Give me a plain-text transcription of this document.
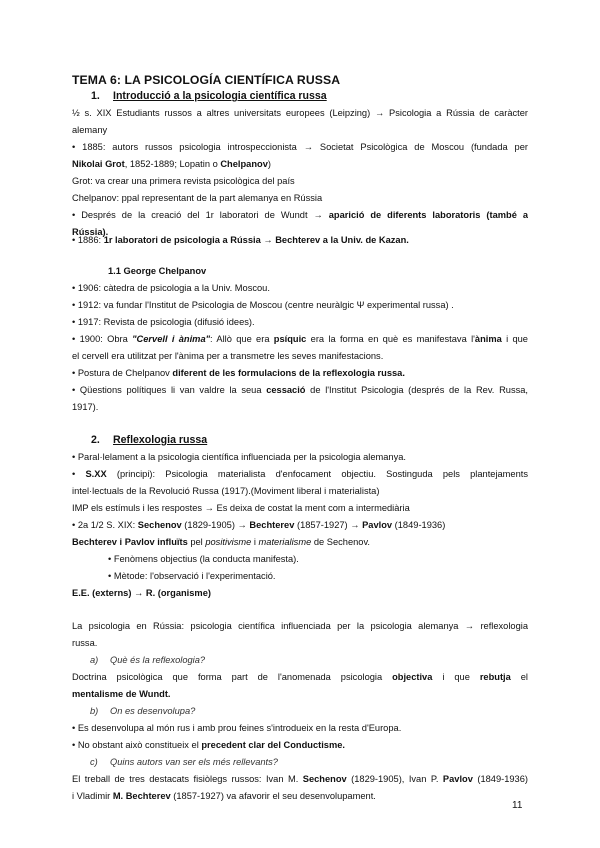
TEMA 6: LA PSICOLOGÍA CIENTÍFICA RUSSA
1. Introducció a la psicologia científica russa
½ s. XIX Estudiants russos a altres universitats europees (Leipzing) → Psicologia a Rússia de caràcter
alemany
• 1885: autors russos psicologia introspeccionista → Societat Psicològica de Moscou (fundada per
Nikolai Grot, 1852-1889; Lopatin o Chelpanov)
Grot: va crear una primera revista psicològica del país
Chelpanov: ppal representant de la part alemanya en Rússia
• Després de la creació del 1r laboratori de Wundt → aparició de diferents laboratoris (també a
Rússia).
• 1886: 1r laboratori de psicologia a Rússia → Bechterev a la Univ. de Kazan.
1.1 George Chelpanov
• 1906: càtedra de psicologia a la Univ. Moscou.
• 1912: va fundar l'Institut de Psicologia de Moscou (centre neuràlgic Ψ experimental russa) .
• 1917: Revista de psicologia (difusió idees).
• 1900: Obra "Cervell i ànima": Allò que era psíquic era la forma en què es manifestava l'ànima i que
el cervell era utilitzat per l'ànima per a transmetre les seves manifestacions.
• Postura de Chelpanov diferent de les formulacions de la reflexologia russa.
• Qüestions polítiques li van valdre la seua cessació de l'Institut Psicologia (després de la Rev. Russa,
1917).
2. Reflexologia russa
• Paral·lelament a la psicologia científica influenciada per la psicologia alemanya.
• S.XX (principi): Psicologia materialista d'enfocament objectiu. Sostinguda pels plantejaments
intel·lectuals de la Revolució Russa (1917).(Moviment liberal i materialista)
IMP els estímuls i les respostes → Es deixa de costat la ment com a intermediària
• 2a 1/2 S. XIX: Sechenov (1829-1905) → Bechterev (1857-1927) → Pavlov (1849-1936)
Bechterev i Pavlov influïts pel positivisme i materialisme de Sechenov.
• Fenòmens objectius (la conducta manifesta).
• Mètode: l'observació i l'experimentació.
E.E. (externs) → R. (organisme)
La psicologia en Rússia: psicologia científica influenciada per la psicologia alemanya → reflexologia
russa.
a) Què és la reflexologia?
Doctrina psicològica que forma part de l'anomenada psicologia objectiva i que rebutja el
mentalisme de Wundt.
b) On es desenvolupa?
• Es desenvolupa al món rus i amb prou feines s'introdueix en la resta d'Europa.
• No obstant això constitueix el precedent clar del Conductisme.
c) Quins autors van ser els més rellevants?
El treball de tres destacats fisiòlegs russos: Ivan M. Sechenov (1829-1905), Ivan P. Pavlov (1849-1936)
i Vladimir M. Bechterev (1857-1927) va afavorir el seu desenvolupament.
11
